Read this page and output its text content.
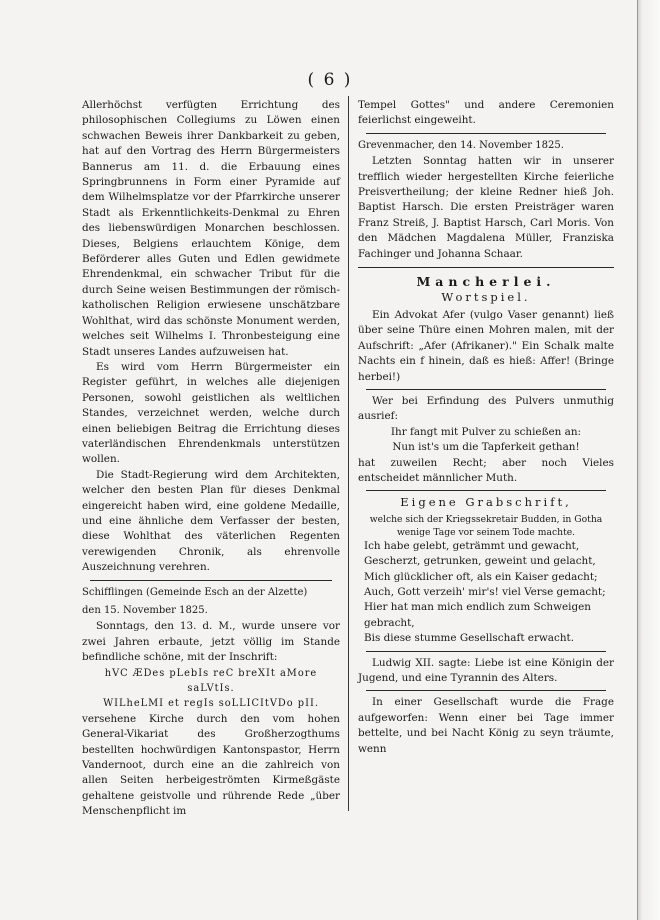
( 6 )

Allerhöchst verfügten Errichtung des philosophischen Collegiums zu Löwen einen schwachen Beweis ihrer Dankbarkeit zu geben, hat auf den Vortrag des Herrn Bürgermeisters Bannerus am 11. d. die Erbauung eines Springbrunnens in Form einer Pyramide auf dem Wilhelmsplatze vor der Pfarrkirche unserer Stadt als Erkenntlichkeits-Denkmal zu Ehren des liebenswürdigen Monarchen beschlossen. Dieses, Belgiens erlauchtem Könige, dem Beförderer alles Guten und Edlen gewidmete Ehrendenkmal, ein schwacher Tribut für die durch Seine weisen Bestimmungen der römisch-katholischen Religion erwiesene unschätzbare Wohlthat, wird das schönste Monument werden, welches seit Wilhelms I. Thronbesteigung eine Stadt unseres Landes aufzuweisen hat.

Es wird vom Herrn Bürgermeister ein Register geführt, in welches alle diejenigen Personen, sowohl geistlichen als weltlichen Standes, verzeichnet werden, welche durch einen beliebigen Beitrag die Errichtung dieses vaterländischen Ehrendenkmals unterstützen wollen.

Die Stadt-Regierung wird dem Architekten, welcher den besten Plan für dieses Denkmal eingereicht haben wird, eine goldene Medaille, und eine ähnliche dem Verfasser der besten, diese Wohlthat des väterlichen Regenten verewigenden Chronik, als ehrenvolle Auszeichnung verehren.

Schifflingen (Gemeinde Esch an der Alzette)

den 15. November 1825.

Sonntags, den 13. d. M., wurde unsere vor zwei Jahren erbaute, jetzt völlig im Stande befindliche schöne, mit der Inschrift:

hVC ÆDes pLebIs reC breXIt aMore saLVtIs.

WILheLMI et regIs soLLICItVDo pII.

versehene Kirche durch den vom hohen General-Vikariat des Großherzogthums bestellten hochwürdigen Kantonspastor, Herrn Vandernoot, durch eine an die zahlreich von allen Seiten herbeigeströmten Kirmeßgäste gehaltene geistvolle und rührende Rede „über Menschenpflicht im

Tempel Gottes" und andere Ceremonien feierlichst eingeweiht.

Grevenmacher, den 14. November 1825.

Letzten Sonntag hatten wir in unserer trefflich wieder hergestellten Kirche feierliche Preisvertheilung; der kleine Redner hieß Joh. Baptist Harsch. Die ersten Preisträger waren Franz Streiß, J. Baptist Harsch, Carl Moris. Von den Mädchen Magdalena Müller, Franziska Fachinger und Johanna Schaar.

Mancherlei.

Wortspiel.

Ein Advokat Afer (vulgo Vaser genannt) ließ über seine Thüre einen Mohren malen, mit der Aufschrift: „Afer (Afrikaner)." Ein Schalk malte Nachts ein f hinein, daß es hieß: Affer! (Bringe herbei!)

Wer bei Erfindung des Pulvers unmuthig ausrief:

Ihr fangt mit Pulver zu schießen an:

Nun ist's um die Tapferkeit gethan!

hat zuweilen Recht; aber noch Vieles entscheidet männlicher Muth.

Eigene Grabschrift,

welche sich der Kriegssekretair Budden, in Gotha wenige Tage vor seinem Tode machte.

Ich habe gelebt, geträmmt und gewacht,

Gescherzt, getrunken, geweint und gelacht,

Mich glücklicher oft, als ein Kaiser gedacht;

Auch, Gott verzeih' mir's! viel Verse gemacht;

Hier hat man mich endlich zum Schweigen gebracht,

Bis diese stumme Gesellschaft erwacht.

Ludwig XII. sagte: Liebe ist eine Königin der Jugend, und eine Tyrannin des Alters.

In einer Gesellschaft wurde die Frage aufgeworfen: Wenn einer bei Tage immer bettelte, und bei Nacht König zu seyn träumte, wenn
